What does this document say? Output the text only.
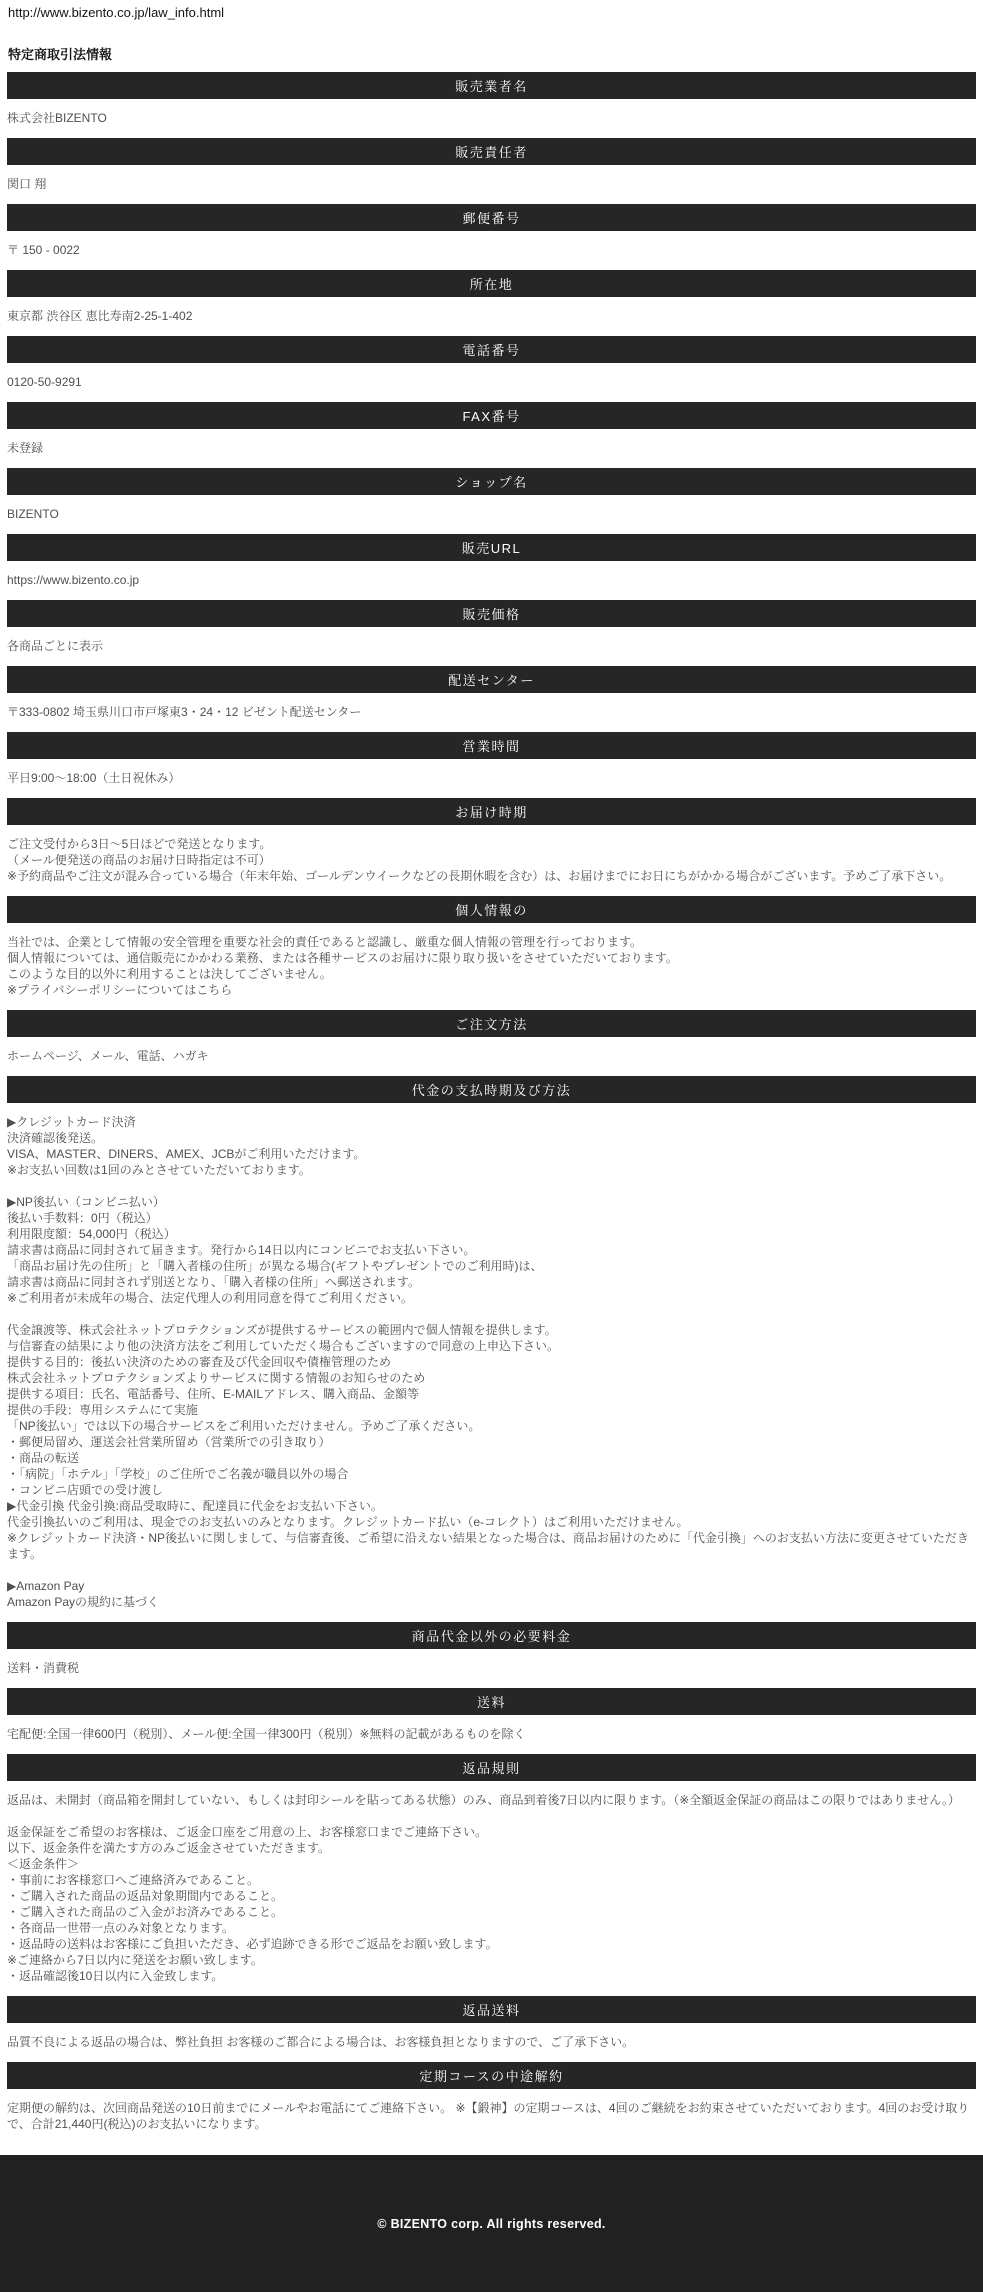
http://www.bizento.co.jp/law_info.html
特定商取引法情報
販売業者名
株式会社BIZENTO
販売責任者
関口 翔
郵便番号
〒 150 - 0022
所在地
東京都 渋谷区 恵比寿南2-25-1-402
電話番号
0120-50-9291
FAX番号
未登録
ショップ名
BIZENTO
販売URL
https://www.bizento.co.jp
販売価格
各商品ごとに表示
配送センター
〒333-0802 埼玉県川口市戸塚東3・24・12 ビゼント配送センター
営業時間
平日9:00〜18:00（土日祝休み）
お届け時期
ご注文受付から3日〜5日ほどで発送となります。
（メール便発送の商品のお届け日時指定は不可）
※予約商品やご注文が混み合っている場合（年末年始、ゴールデンウイークなどの長期休暇を含む）は、お届けまでにお日にちがかかる場合がございます。予めご了承下さい。
個人情報の
当社では、企業として情報の安全管理を重要な社会的責任であると認識し、厳重な個人情報の管理を行っております。
個人情報については、通信販売にかかわる業務、または各種サービスのお届けに限り取り扱いをさせていただいております。
このような目的以外に利用することは決してございません。
※プライバシーポリシーについてはこちら
ご注文方法
ホームページ、メール、電話、ハガキ
代金の支払時期及び方法
▶クレジットカード決済
決済確認後発送。
VISA、MASTER、DINERS、AMEX、JCBがご利用いただけます。
※お支払い回数は1回のみとさせていただいております。
▶NP後払い（コンビニ払い）
後払い手数料：0円（税込）
利用限度額：54,000円（税込）
請求書は商品に同封されて届きます。発行から14日以内にコンビニでお支払い下さい。
「商品お届け先の住所」と「購入者様の住所」が異なる場合(ギフトやプレゼントでのご利用時)は、
請求書は商品に同封されず別送となり、「購入者様の住所」へ郵送されます。
※ご利用者が未成年の場合、法定代理人の利用同意を得てご利用ください。
代金譲渡等、株式会社ネットプロテクションズが提供するサービスの範囲内で個人情報を提供します。
与信審査の結果により他の決済方法をご利用していただく場合もございますので同意の上申込下さい。
提供する目的：後払い決済のための審査及び代金回収や債権管理のため
株式会社ネットプロテクションズよりサービスに関する情報のお知らせのため
提供する項目：氏名、電話番号、住所、E-MAILアドレス、購入商品、金額等
提供の手段：専用システムにて実施
「NP後払い」では以下の場合サービスをご利用いただけません。予めご了承ください。
・郵便局留め、運送会社営業所留め（営業所での引き取り）
・商品の転送
・「病院」「ホテル」「学校」のご住所でご名義が職員以外の場合
・コンビニ店頭での受け渡し
▶代金引換 代金引換:商品受取時に、配達員に代金をお支払い下さい。
代金引換払いのご利用は、現金でのお支払いのみとなります。クレジットカード払い（e-コレクト）はご利用いただけません。
※クレジットカード決済・NP後払いに関しまして、与信審査後、ご希望に沿えない結果となった場合は、商品お届けのために「代金引換」へのお支払い方法に変更させていただきます。
▶Amazon Pay
Amazon Payの規約に基づく
商品代金以外の必要料金
送料・消費税
送料
宅配便:全国一律600円（税別）、メール便:全国一律300円（税別）※無料の記載があるものを除く
返品規則
返品は、未開封（商品箱を開封していない、もしくは封印シールを貼ってある状態）のみ、商品到着後7日以内に限ります。（※全額返金保証の商品はこの限りではありません。）
返金保証をご希望のお客様は、ご返金口座をご用意の上、お客様窓口までご連絡下さい。
以下、返金条件を満たす方のみご返金させていただきます。
＜返金条件＞
・事前にお客様窓口へご連絡済みであること。
・ご購入された商品の返品対象期間内であること。
・ご購入された商品のご入金がお済みであること。
・各商品一世帯一点のみ対象となります。
・返品時の送料はお客様にご負担いただき、必ず追跡できる形でご返品をお願い致します。
※ご連絡から7日以内に発送をお願い致します。
・返品確認後10日以内に入金致します。
返品送料
品質不良による返品の場合は、弊社負担 お客様のご都合による場合は、お客様負担となりますので、ご了承下さい。
定期コースの中途解約
定期便の解約は、次回商品発送の10日前までにメールやお電話にてご連絡下さい。 ※【鍛神】の定期コースは、4回のご継続をお約束させていただいております。4回のお受け取りで、合計21,440円(税込)のお支払いになります。
© BIZENTO corp. All rights reserved.
